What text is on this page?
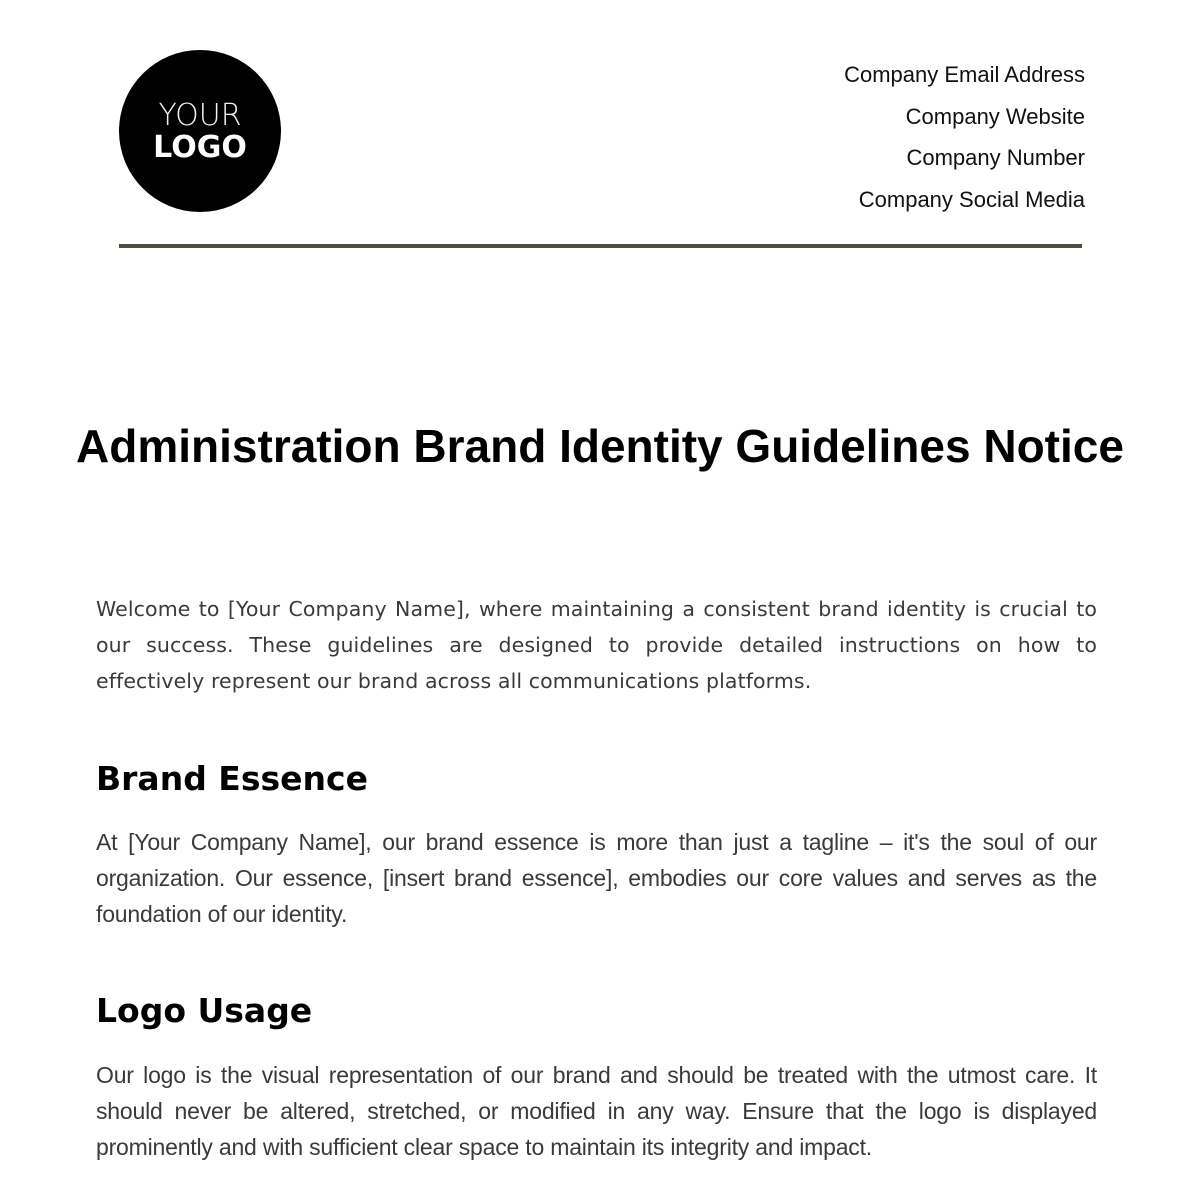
YOUR
LOGO
Company Email Address
Company Website
Company Number
Company Social Media
Administration Brand Identity Guidelines Notice

Welcome to [Your Company Name], where maintaining a consistent brand identity is crucial to our success. These guidelines are designed to provide detailed instructions on how to effectively represent our brand across all communications platforms.

Brand Essence

At [Your Company Name], our brand essence is more than just a tagline – it's the soul of our organization. Our essence, [insert brand essence], embodies our core values and serves as the foundation of our identity.

Logo Usage

Our logo is the visual representation of our brand and should be treated with the utmost care. It should never be altered, stretched, or modified in any way. Ensure that the logo is displayed prominently and with sufficient clear space to maintain its integrity and impact.
